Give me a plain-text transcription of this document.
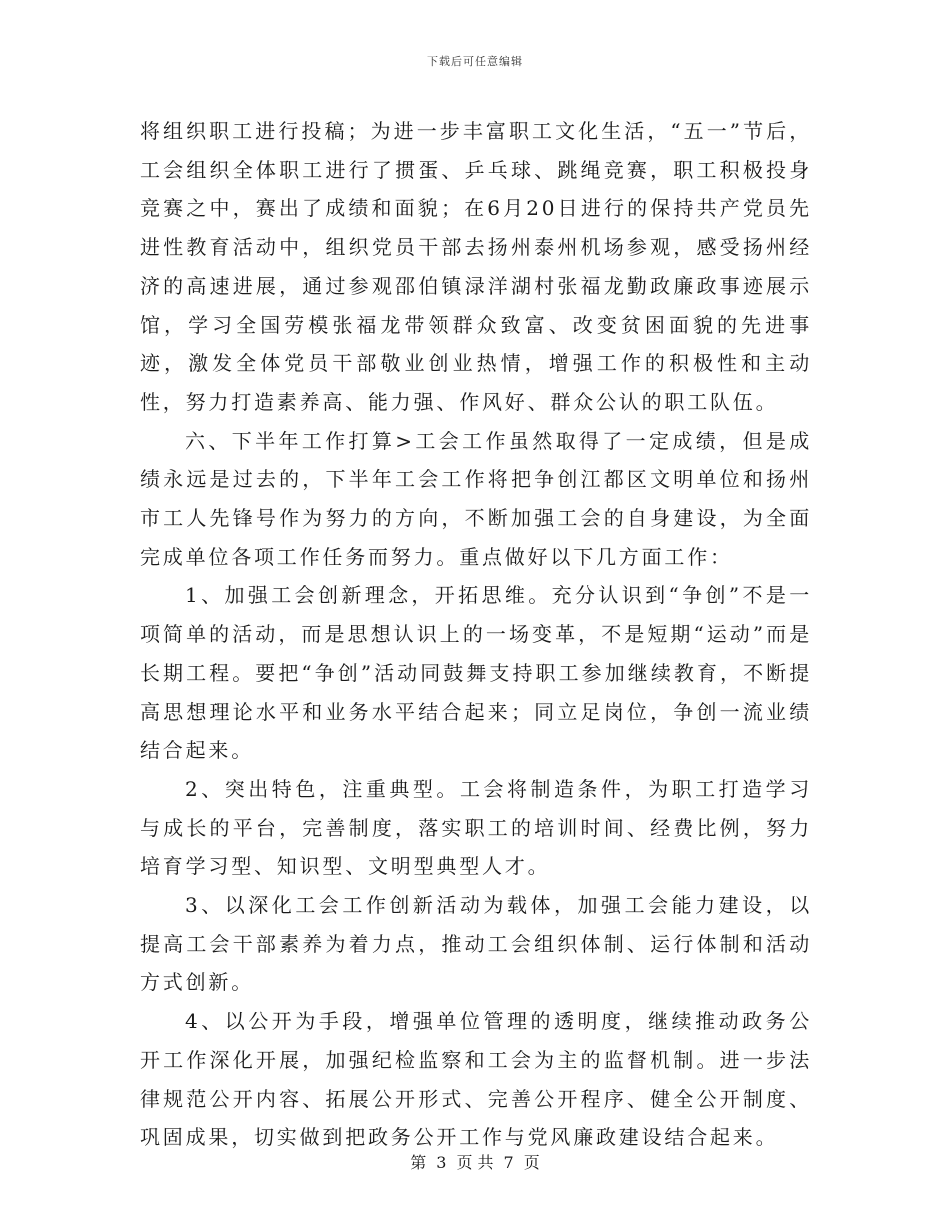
下载后可任意编辑

将组织职工进行投稿；为进一步丰富职工文化生活，“五一”节后，工会组织全体职工进行了掼蛋、乒乓球、跳绳竞赛，职工积极投身竞赛之中，赛出了成绩和面貌；在6月20日进行的保持共产党员先进性教育活动中，组织党员干部去扬州泰州机场参观，感受扬州经济的高速进展，通过参观邵伯镇渌洋湖村张福龙勤政廉政事迹展示馆，学习全国劳模张福龙带领群众致富、改变贫困面貌的先进事迹，激发全体党员干部敬业创业热情，增强工作的积极性和主动性，努力打造素养高、能力强、作风好、群众公认的职工队伍。

六、下半年工作打算>工会工作虽然取得了一定成绩，但是成绩永远是过去的，下半年工会工作将把争创江都区文明单位和扬州市工人先锋号作为努力的方向，不断加强工会的自身建设，为全面完成单位各项工作任务而努力。重点做好以下几方面工作：

1、加强工会创新理念，开拓思维。充分认识到“争创”不是一项简单的活动，而是思想认识上的一场变革，不是短期“运动”而是长期工程。要把“争创”活动同鼓舞支持职工参加继续教育，不断提高思想理论水平和业务水平结合起来；同立足岗位，争创一流业绩结合起来。

2、突出特色，注重典型。工会将制造条件，为职工打造学习与成长的平台，完善制度，落实职工的培训时间、经费比例，努力培育学习型、知识型、文明型典型人才。

3、以深化工会工作创新活动为载体，加强工会能力建设，以提高工会干部素养为着力点，推动工会组织体制、运行体制和活动方式创新。

4、以公开为手段，增强单位管理的透明度，继续推动政务公开工作深化开展，加强纪检监察和工会为主的监督机制。进一步法律规范公开内容、拓展公开形式、完善公开程序、健全公开制度、巩固成果，切实做到把政务公开工作与党风廉政建设结合起来。

第 3 页 共 7 页
